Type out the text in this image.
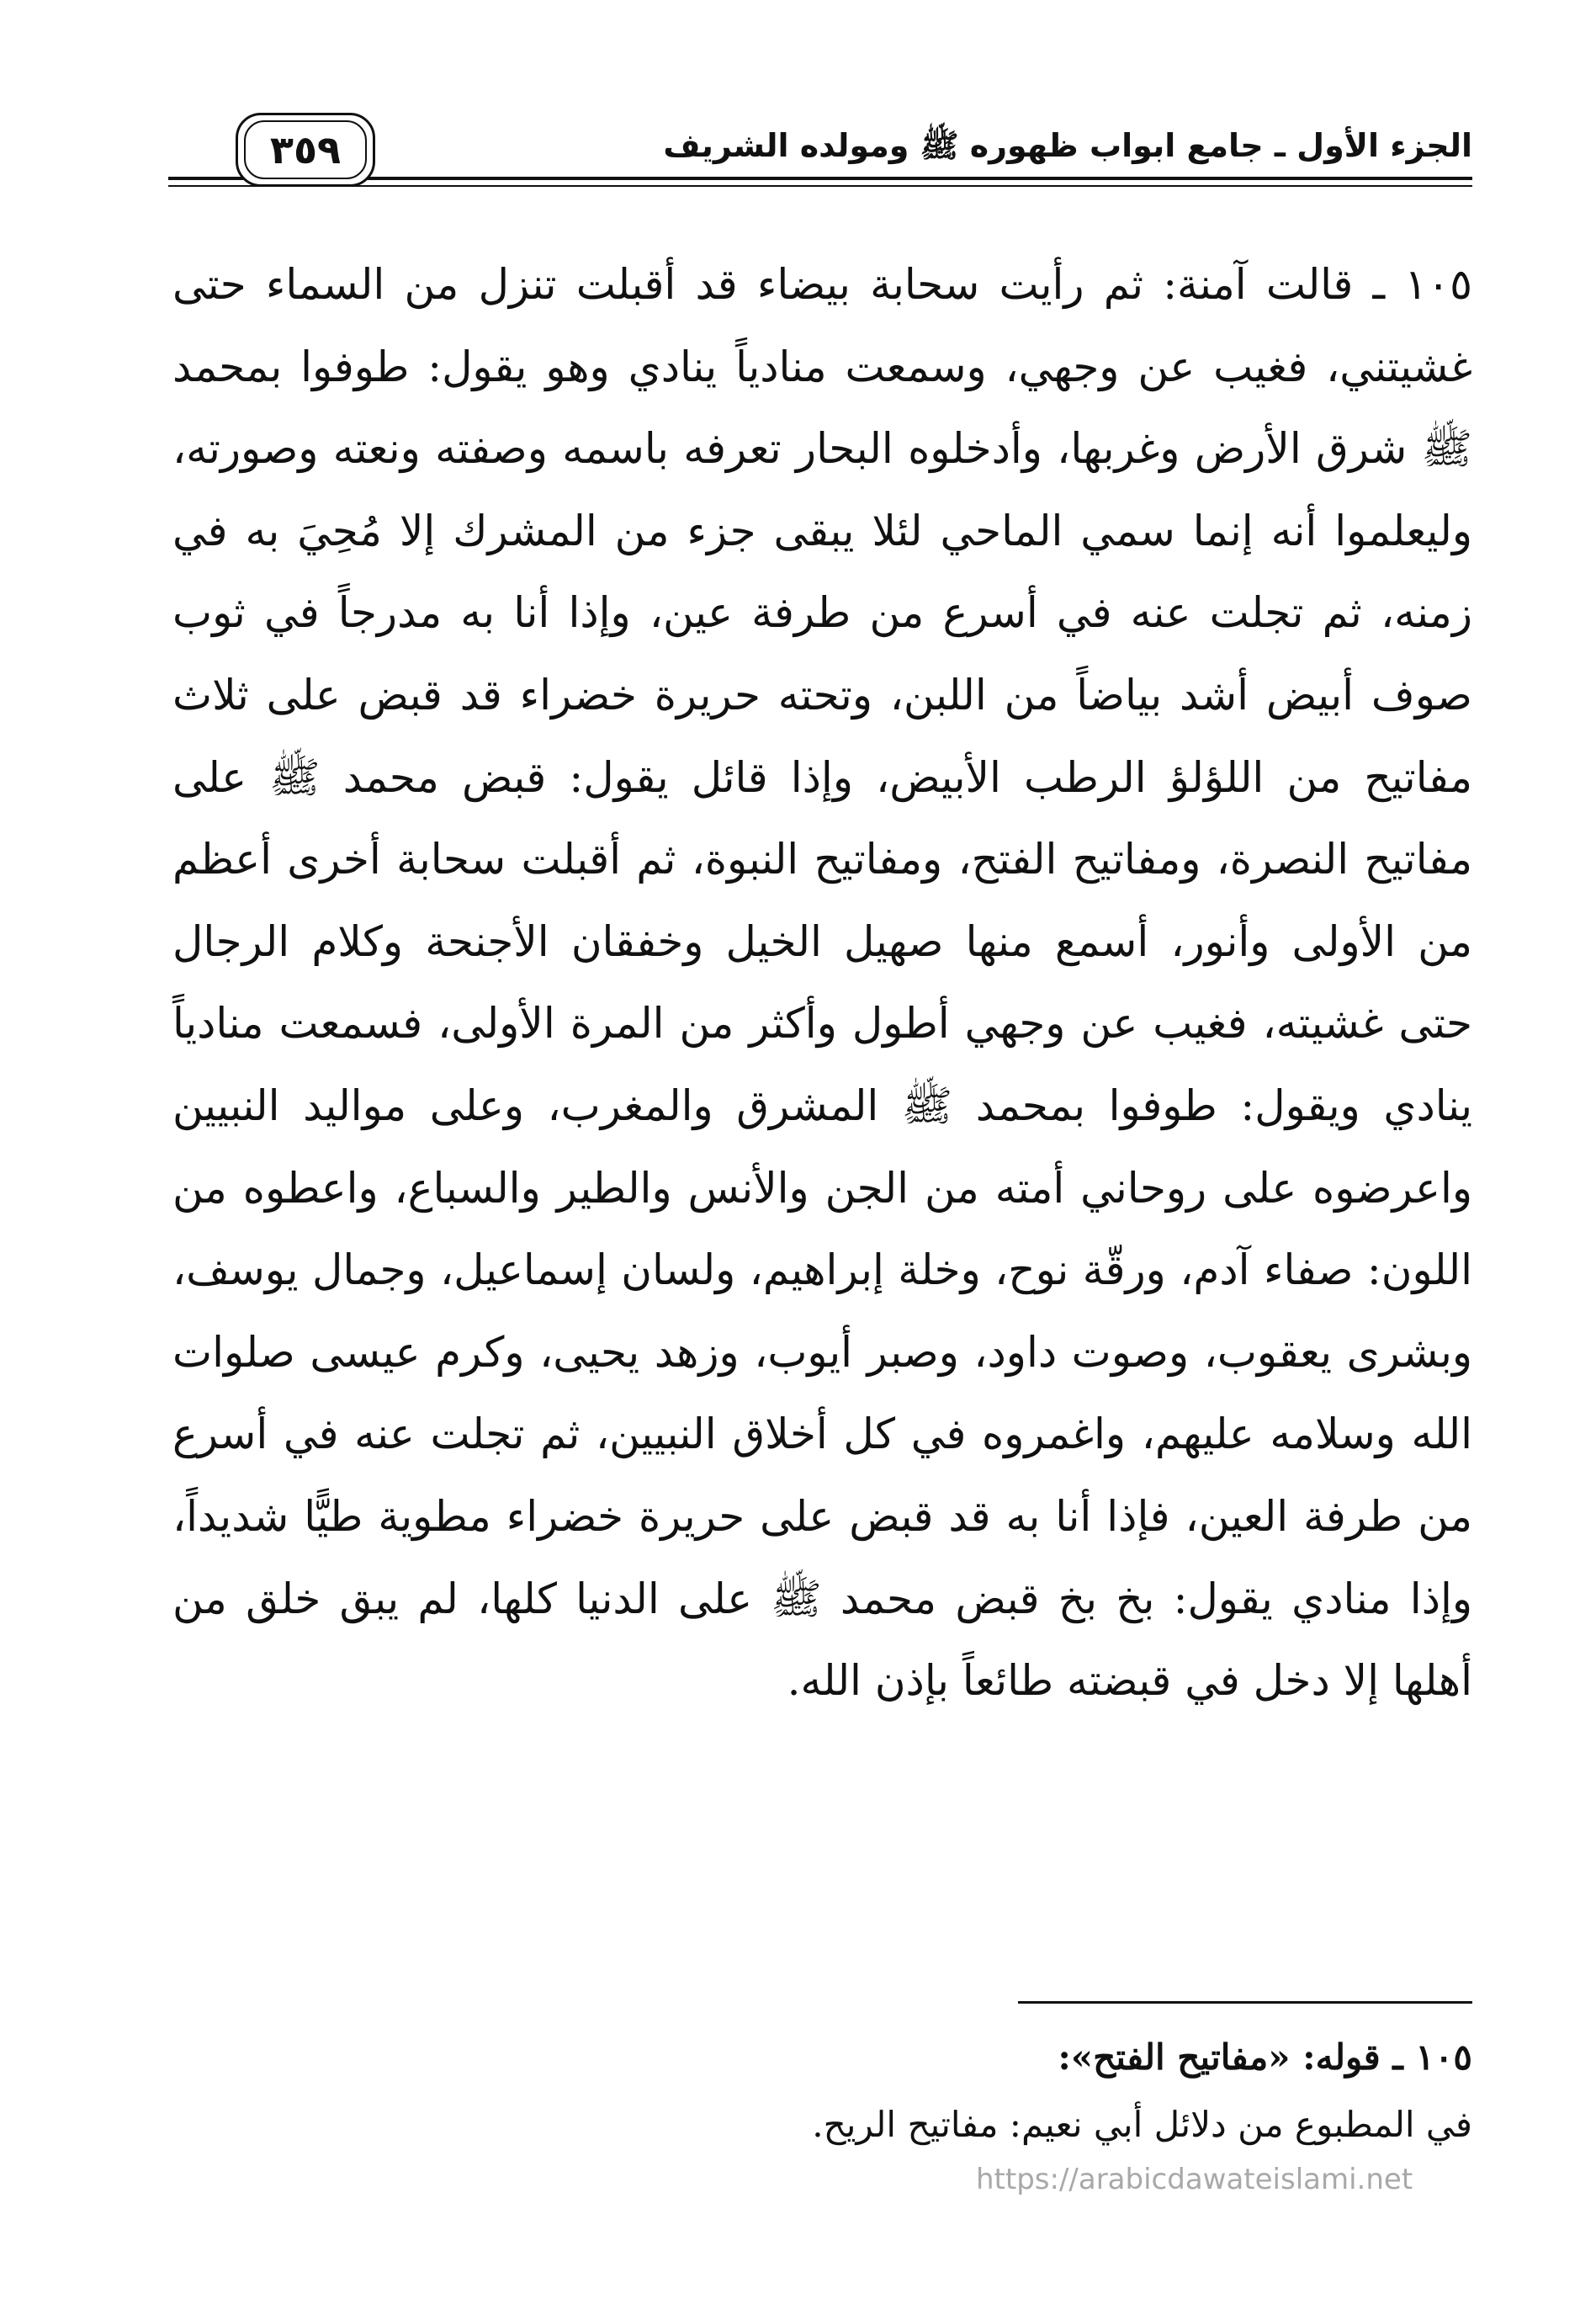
٣٥٩	الجزء الأول ـ جامع ابواب ظهوره ﷺ ومولده الشريف

١٠٥ ـ قالت آمنة: ثم رأيت سحابة بيضاء قد أقبلت تنزل من السماء حتى غشيتني، فغيب عن وجهي، وسمعت منادياً ينادي وهو يقول: طوفوا بمحمد ﷺ شرق الأرض وغربها، وأدخلوه البحار تعرفه باسمه وصفته ونعته وصورته، وليعلموا أنه إنما سمي الماحي لئلا يبقى جزء من المشرك إلا مُحِيَ به في زمنه، ثم تجلت عنه في أسرع من طرفة عين، وإذا أنا به مدرجاً في ثوب صوف أبيض أشد بياضاً من اللبن، وتحته حريرة خضراء قد قبض على ثلاث مفاتيح من اللؤلؤ الرطب الأبيض، وإذا قائل يقول: قبض محمد ﷺ على مفاتيح النصرة، ومفاتيح الفتح، ومفاتيح النبوة، ثم أقبلت سحابة أخرى أعظم من الأولى وأنور، أسمع منها صهيل الخيل وخفقان الأجنحة وكلام الرجال حتى غشيته، فغيب عن وجهي أطول وأكثر من المرة الأولى، فسمعت منادياً ينادي ويقول: طوفوا بمحمد ﷺ المشرق والمغرب، وعلى مواليد النبيين واعرضوه على روحاني أمته من الجن والأنس والطير والسباع، واعطوه من اللون: صفاء آدم، ورقّة نوح، وخلة إبراهيم، ولسان إسماعيل، وجمال يوسف، وبشرى يعقوب، وصوت داود، وصبر أيوب، وزهد يحيى، وكرم عيسى صلوات الله وسلامه عليهم، واغمروه في كل أخلاق النبيين، ثم تجلت عنه في أسرع من طرفة العين، فإذا أنا به قد قبض على حريرة خضراء مطوية طيًّا شديداً، وإذا منادي يقول: بخ بخ قبض محمد ﷺ على الدنيا كلها، لم يبق خلق من أهلها إلا دخل في قبضته طائعاً بإذن الله.

١٠٥ ـ قوله: «مفاتيح الفتح»:
في المطبوع من دلائل أبي نعيم: مفاتيح الريح.
https://arabicdawateislami.net
